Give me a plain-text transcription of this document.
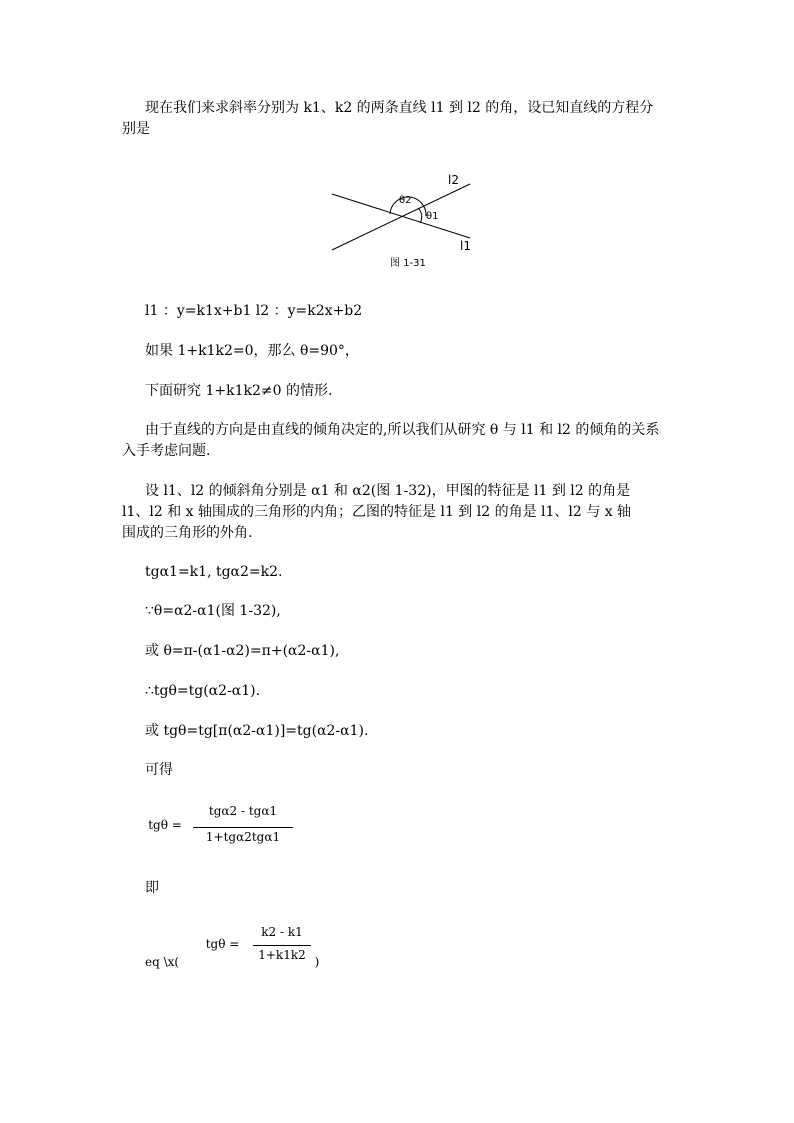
现在我们来求斜率分别为 k1、k2 的两条直线 l1 到 l2 的角，设已知直线的方程分
别是
l2
l1
θ2
θ1
图 1-31
l1 ：y=k1x+b1 l2 ：y=k2x+b2
如果 1+k1k2=0，那么 θ=90°，
下面研究 1+k1k2≠0 的情形.
由于直线的方向是由直线的倾角决定的,所以我们从研究 θ 与 l1 和 l2 的倾角的关系
入手考虑问题.
设 l1、l2 的倾斜角分别是 α1 和 α2(图 1-32)，甲图的特征是 l1 到 l2 的角是
l1、l2 和 x 轴围成的三角形的内角；乙图的特征是 l1 到 l2 的角是 l1、l2 与 x 轴
围成的三角形的外角.
tgα1=k1, tgα2=k2.
∵θ=α2-α1(图 1-32),
或 θ=π-(α1-α2)=π+(α2-α1),
∴tgθ=tg(α2-α1).
或 tgθ=tg[π(α2-α1)]=tg(α2-α1).
可得
tgθ =
tgα2 - tgα1
1+tgα2tgα1
即
eq \x(
tgθ =
k2 - k1
1+k1k2 )
